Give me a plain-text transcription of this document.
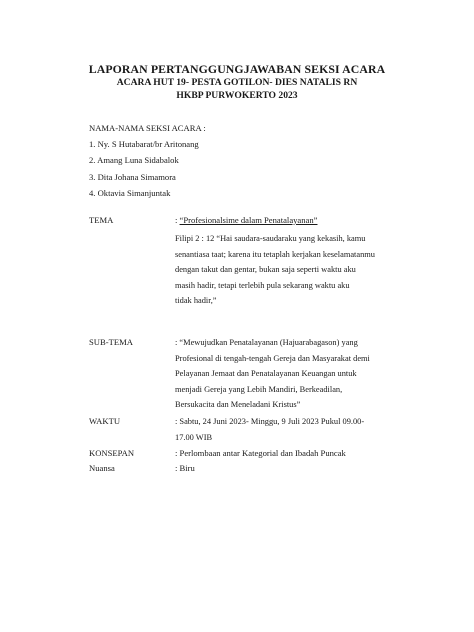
LAPORAN PERTANGGUNGJAWABAN SEKSI ACARA
ACARA HUT 19- PESTA GOTILON- DIES NATALIS RN
HKBP PURWOKERTO 2023
NAMA-NAMA SEKSI ACARA :
1. Ny. S Hutabarat/br Aritonang
2. Amang Luna Sidabalok
3. Dita Johana Simamora
4. Oktavia Simanjuntak
TEMA	: “Profesionalsime dalam Penatalayanan”
Filipi 2 : 12 “Hai saudara-saudaraku yang kekasih, kamu
senantiasa taat; karena itu tetaplah kerjakan keselamatanmu
dengan takut dan gentar, bukan saja seperti waktu aku
masih hadir, tetapi terlebih pula sekarang waktu aku
tidak hadir,”
SUB-TEMA	: “Mewujudkan Penatalayanan (Hajuarabagason) yang
Profesional di tengah-tengah Gereja dan Masyarakat demi
Pelayanan Jemaat dan Penatalayanan Keuangan untuk
menjadi Gereja yang Lebih Mandiri, Berkeadilan,
Bersukacita dan Meneladani Kristus”
WAKTU	: Sabtu, 24 Juni 2023- Minggu, 9 Juli 2023 Pukul 09.00-
17.00 WIB
KONSEPAN	: Perlombaan antar Kategorial dan Ibadah Puncak
Nuansa	: Biru
